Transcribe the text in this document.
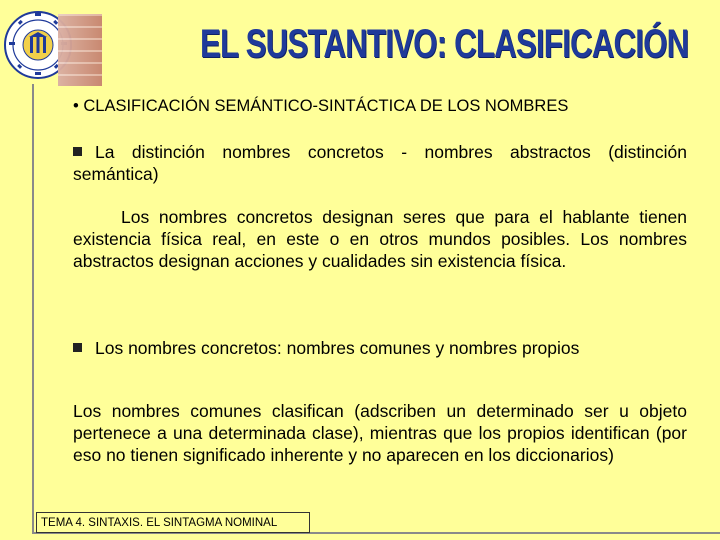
EL SUSTANTIVO: CLASIFICACIÓN
• CLASIFICACIÓN SEMÁNTICO-SINTÁCTICA DE LOS NOMBRES
La distinción nombres concretos - nombres abstractos (distinción semántica)
Los nombres concretos designan seres que para el hablante tienen existencia física real, en este o en otros mundos posibles. Los nombres abstractos designan acciones y cualidades sin existencia física.
Los nombres concretos: nombres comunes y nombres propios
Los nombres comunes clasifican (adscriben un determinado ser u objeto pertenece a una determinada clase), mientras que los propios identifican (por eso no tienen significado inherente y no aparecen en los diccionarios)
TEMA 4. SINTAXIS. EL SINTAGMA NOMINAL
